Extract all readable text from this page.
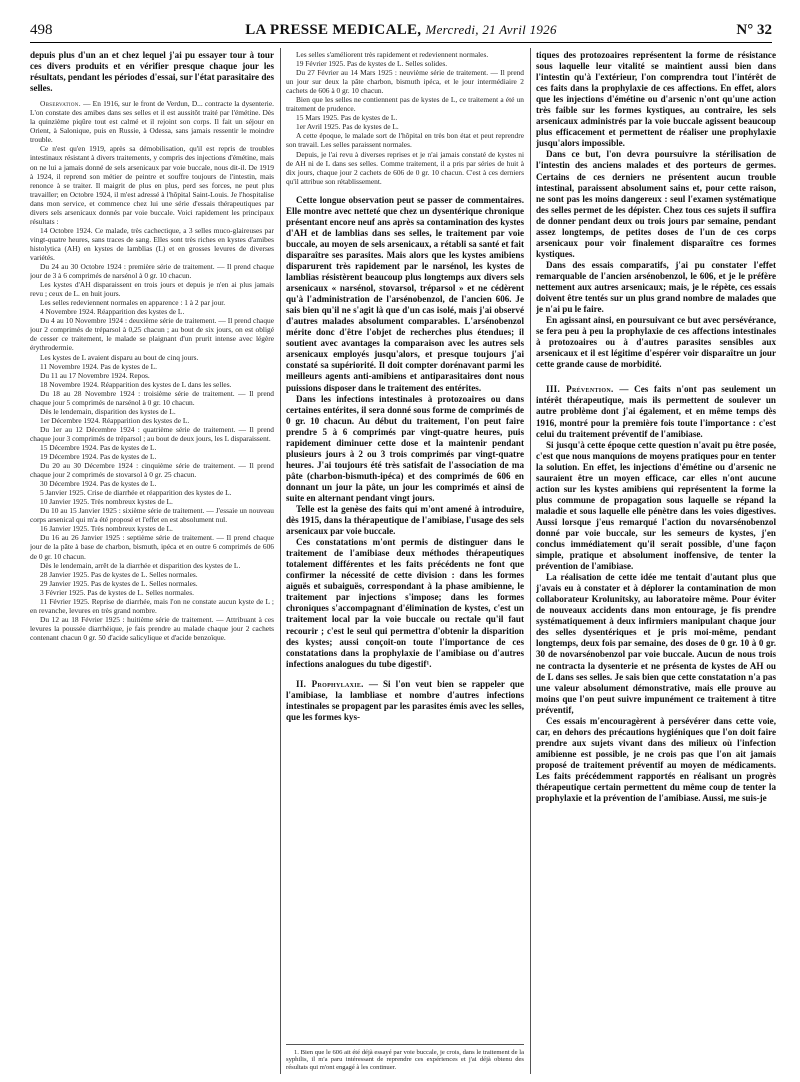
498	LA PRESSE MEDICALE, Mercredi, 21 Avril 1926	N° 32

depuis plus d'un an et chez lequel j'ai pu essayer tour à tour ces divers produits et en vérifier presque chaque jour les résultats, pendant les périodes d'essai, sur l'état parasitaire des selles.

Observation. — En 1916, sur le front de Verdun, D... contracte la dysenterie. L'on constate des amibes dans ses selles et il est aussitôt traité par l'émétine. Dès la quinzième piqûre tout est calmé et il rejoint son corps. Il fait un séjour en Orient, à Salonique, puis en Russie, à Odessa, sans jamais ressentir le moindre trouble.

Ce n'est qu'en 1919, après sa démobilisation, qu'il est repris de troubles intestinaux résistant à divers traitements, y compris des injections d'émétine, mais on ne lui a jamais donné de sels arsenicaux par voie buccale, nous dit-il. De 1919 à 1924, il reprend son métier de peintre et souffre toujours de l'intestin, mais renonce à se traiter. Il maigrit de plus en plus, perd ses forces, ne peut plus travailler; en Octobre 1924, il m'est adressé à l'hôpital Saint-Louis. Je l'hospitalise dans mon service, et commence chez lui une série d'essais thérapeutiques par divers sels arsenicaux donnés par voie buccale. Voici rapidement les principaux résultats :

14 Octobre 1924. Ce malade, très cachectique, a 3 selles muco-glaireuses par vingt-quatre heures, sans traces de sang. Elles sont très riches en kystes d'amibes histolytica (AH) en kystes de lamblias (L) et en grosses levures de diverses variétés.

Du 24 au 30 Octobre 1924 : première série de traitement. — Il prend chaque jour de 3 à 6 comprimés de narsénol à 0 gr. 10 chacun.

Les kystes d'AH disparaissent en trois jours et depuis je n'en ai plus jamais revu ; ceux de L. en huit jours.

Les selles redeviennent normales en apparence : 1 à 2 par jour.

4 Novembre 1924. Réapparition des kystes de L.

Du 4 au 10 Novembre 1924 : deuxième série de traitement. — Il prend chaque jour 2 comprimés de tréparsol à 0,25 chacun ; au bout de six jours, on est obligé de cesser ce traitement, le malade se plaignant d'un prurit intense avec légère érythrodermie.

Les kystes de L avaient disparu au bout de cinq jours.

11 Novembre 1924. Pas de kystes de L.

Du 11 au 17 Novembre 1924. Repos.

18 Novembre 1924. Réapparition des kystes de L dans les selles.

Du 18 au 28 Novembre 1924 : troisième série de traitement. — Il prend chaque jour 5 comprimés de narsénol à 0 gr. 10 chacun.

Dès le lendemain, disparition des kystes de L.

1er Décembre 1924. Réapparition des kystes de L.

Du 1er au 12 Décembre 1924 : quatrième série de traitement. — Il prend chaque jour 3 comprimés de tréparsol ; au bout de deux jours, les L disparaissent.

15 Décembre 1924. Pas de kystes de L.

19 Décembre 1924. Pas de kystes de L.

Du 20 au 30 Décembre 1924 : cinquième série de traitement. — Il prend chaque jour 2 comprimés de stovarsol à 0 gr. 25 chacun.

30 Décembre 1924. Pas de kystes de L.

5 Janvier 1925. Crise de diarrhée et réapparition des kystes de L.

10 Janvier 1925. Très nombreux kystes de L.

Du 10 au 15 Janvier 1925 : sixième série de traitement. — J'essaie un nouveau corps arsenical qui m'a été proposé et l'effet en est absolument nul.

16 Janvier 1925. Très nombreux kystes de L.

Du 16 au 26 Janvier 1925 : septième série de traitement. — Il prend chaque jour de la pâte à base de charbon, bismuth, ipéca et en outre 6 comprimés de 606 de 0 gr. 10 chacun.

Dès le lendemain, arrêt de la diarrhée et disparition des kystes de L.

28 Janvier 1925. Pas de kystes de L. Selles normales.

29 Janvier 1925. Pas de kystes de L. Selles normales.

3 Février 1925. Pas de kystes de L. Selles normales.

11 Février 1925. Reprise de diarrhée, mais l'on ne constate aucun kyste de L ; en revanche, levures en très grand nombre.

Du 12 au 18 Février 1925 : huitième série de traitement. — Attribuant à ces levures la poussée diarrhéique, je fais prendre au malade chaque jour 2 cachets contenant chacun 0 gr. 50 d'acide salicylique et d'acide benzoïque.

Les selles s'améliorent très rapidement et redeviennent normales.

19 Février 1925. Pas de kystes de L. Selles solides.

Du 27 Février au 14 Mars 1925 : neuvième série de traitement. — Il prend un jour sur deux la pâte charbon, bismuth ipéca, et le jour intermédiaire 2 cachets de 606 à 0 gr. 10 chacun.

Bien que les selles ne contiennent pas de kystes de L, ce traitement a été un traitement de prudence.

15 Mars 1925. Pas de kystes de L.

1er Avril 1925. Pas de kystes de L.

A cette époque, le malade sort de l'hôpital en très bon état et peut reprendre son travail. Les selles paraissent normales.

Depuis, je l'ai revu à diverses reprises et je n'ai jamais constaté de kystes ni de AH ni de L dans ses selles. Comme traitement, il a pris par séries de huit à dix jours, chaque jour 2 cachets de 606 de 0 gr. 10 chacun. C'est à ces derniers qu'il attribue son rétablissement.

Cette longue observation peut se passer de commentaires. Elle montre avec netteté que chez un dysentérique chronique présentant encore neuf ans après sa contamination des kystes d'AH et de lamblias dans ses selles, le traitement par voie buccale, au moyen de sels arsenicaux, a rétabli sa santé et fait disparaître ses parasites. Mais alors que les kystes amibiens disparurent très rapidement par le narsénol, les kystes de lamblias résistèrent beaucoup plus longtemps aux divers sels arsenicaux « narsénol, stovarsol, tréparsol » et ne cédèrent qu'à l'administration de l'arsénobenzol, de l'ancien 606. Je sais bien qu'il ne s'agit là que d'un cas isolé, mais j'ai observé d'autres malades absolument comparables. L'arsénobenzol mérite donc d'être l'objet de recherches plus étendues; il soutient avec avantages la comparaison avec les autres sels arsenicaux employés jusqu'alors, et presque toujours j'ai constaté sa supériorité. Il doit compter dorénavant parmi les meilleurs agents anti-amibiens et antiparasitaires dont nous puissions disposer dans le traitement des entérites.

Dans les infections intestinales à protozoaires ou dans certaines entérites, il sera donné sous forme de comprimés de 0 gr. 10 chacun. Au début du traitement, l'on peut faire prendre 5 à 6 comprimés par vingt-quatre heures, puis rapidement diminuer cette dose et la maintenir pendant plusieurs jours à 2 ou 3 trois comprimés par vingt-quatre heures. J'ai toujours été très satisfait de l'association de ma pâte (charbon-bismuth-ipéca) et des comprimés de 606 en donnant un jour la pâte, un jour les comprimés et ainsi de suite en alternant pendant vingt jours.

Telle est la genèse des faits qui m'ont amené à introduire, dès 1915, dans la thérapeutique de l'amibiase, l'usage des sels arsenicaux par voie buccale.

Ces constatations m'ont permis de distinguer dans le traitement de l'amibiase deux méthodes thérapeutiques totalement différentes et les faits précédents ne font que confirmer la nécessité de cette division : dans les formes aiguës et subaiguës, correspondant à la phase amibienne, le traitement par injections s'impose; dans les formes chroniques s'accompagnant d'élimination de kystes, c'est un traitement local par la voie buccale ou rectale qu'il faut recourir ; c'est le seul qui permettra d'obtenir la disparition des kystes; aussi conçoit-on toute l'importance de ces constatations dans la prophylaxie de l'amibiase ou d'autres infections analogues du tube digestif¹.

II. Prophylaxie. — Si l'on veut bien se rappeler que l'amibiase, la lambliase et nombre d'autres infections intestinales se propagent par les parasites émis avec les selles, que les formes kys-

1. Bien que le 606 ait été déjà essayé par voie buccale, je crois, dans le traitement de la syphilis, il m'a paru intéressant de reprendre ces expériences et j'ai déjà obtenu des résultats qui m'ont engagé à les continuer.

tiques des protozoaires représentent la forme de résistance sous laquelle leur vitalité se maintient aussi bien dans l'intestin qu'à l'extérieur, l'on comprendra tout l'intérêt de ces faits dans la prophylaxie de ces affections. En effet, alors que les injections d'émétine ou d'arsenic n'ont qu'une action très faible sur les formes kystiques, au contraire, les sels arsenicaux administrés par la voie buccale agissent beaucoup plus efficacement et permettent de réaliser une prophylaxie jusqu'alors impossible.

Dans ce but, l'on devra poursuivre la stérilisation de l'intestin des anciens malades et des porteurs de germes. Certains de ces derniers ne présentent aucun trouble intestinal, paraissent absolument sains et, pour cette raison, ne sont pas les moins dangereux : seul l'examen systématique des selles permet de les dépister. Chez tous ces sujets il suffira de donner pendant deux ou trois jours par semaine, pendant assez longtemps, de petites doses de l'un de ces corps arsenicaux pour voir finalement disparaître ces formes kystiques.

Dans des essais comparatifs, j'ai pu constater l'effet remarquable de l'ancien arsénobenzol, le 606, et je le préfère nettement aux autres arsenicaux; mais, je le répète, ces essais doivent être tentés sur un plus grand nombre de malades que je n'ai pu le faire.

En agissant ainsi, en poursuivant ce but avec persévérance, se fera peu à peu la prophylaxie de ces affections intestinales à protozoaires ou à d'autres parasites sensibles aux arsenicaux et il est légitime d'espérer voir disparaître un jour cette grande cause de morbidité.

III. Prévention. — Ces faits n'ont pas seulement un intérêt thérapeutique, mais ils permettent de soulever un autre problème dont j'ai également, et en même temps dès 1916, montré pour la première fois toute l'importance : c'est celui du traitement préventif de l'amibiase.

Si jusqu'à cette époque cette question n'avait pu être posée, c'est que nous manquions de moyens pratiques pour en tenter la solution. En effet, les injections d'émétine ou d'arsenic ne sauraient être un moyen efficace, car elles n'ont aucune action sur les kystes amibiens qui représentent la forme la plus commune de propagation sous laquelle se répand la maladie et sous laquelle elle pénètre dans les voies digestives. Aussi lorsque j'eus remarqué l'action du novarsénobenzol donné par voie buccale, sur les semeurs de kystes, j'en conclus immédiatement qu'il serait possible, d'une façon simple, pratique et absolument inoffensive, de tenter la prévention de l'amibiase.

La réalisation de cette idée me tentait d'autant plus que j'avais eu à constater et à déplorer la contamination de mon collaborateur Krolunitsky, au laboratoire même. Pour éviter de nouveaux accidents dans mon entourage, je fis prendre systématiquement à deux infirmiers manipulant chaque jour des selles dysentériques et je pris moi-même, pendant longtemps, deux fois par semaine, des doses de 0 gr. 10 à 0 gr. 30 de novarsénobenzol par voie buccale. Aucun de nous trois ne contracta la dysenterie et ne présenta de kystes de AH ou de L dans ses selles. Je sais bien que cette constatation n'a pas une valeur absolument démonstrative, mais elle prouve au moins que l'on peut suivre impunément ce traitement à titre préventif,

Ces essais m'encouragèrent à persévérer dans cette voie, car, en dehors des précautions hygiéniques que l'on doit faire prendre aux sujets vivant dans des milieux où l'infection amibienne est possible, je ne crois pas que l'on ait jamais proposé de traitement préventif au moyen de médicaments. Les faits précédemment rapportés en réalisant un progrès thérapeutique certain permettent du même coup de tenter la prophylaxie et la prévention de l'amibiase. Aussi, me suis-je
